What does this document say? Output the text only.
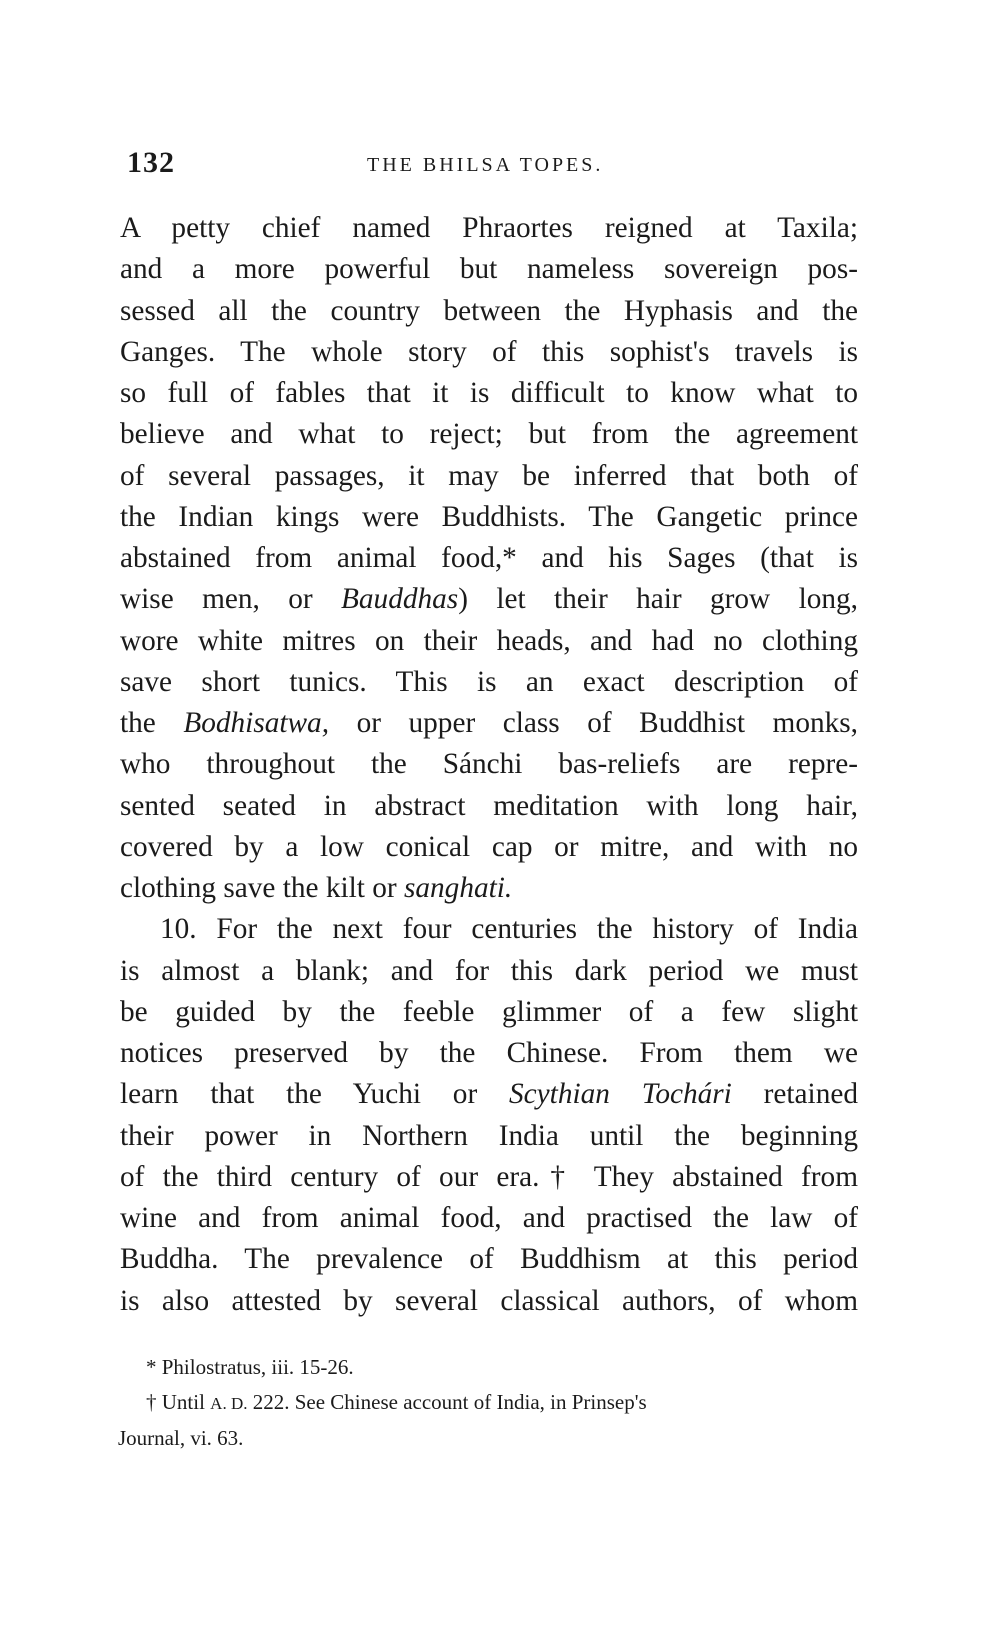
132	THE BHILSA TOPES.
A petty chief named Phraortes reigned at Taxila;
and a more powerful but nameless sovereign pos-
sessed all the country between the Hyphasis and the
Ganges. The whole story of this sophist's travels is
so full of fables that it is difficult to know what to
believe and what to reject; but from the agreement
of several passages, it may be inferred that both of
the Indian kings were Buddhists. The Gangetic prince
abstained from animal food,* and his Sages (that is
wise men, or Bauddhas) let their hair grow long,
wore white mitres on their heads, and had no clothing
save short tunics. This is an exact description of
the Bodhisatwa, or upper class of Buddhist monks,
who throughout the Sánchi bas-reliefs are repre-
sented seated in abstract meditation with long hair,
covered by a low conical cap or mitre, and with no
clothing save the kilt or sanghati.
10. For the next four centuries the history of India
is almost a blank; and for this dark period we must
be guided by the feeble glimmer of a few slight
notices preserved by the Chinese. From them we
learn that the Yuchi or Scythian Tochári retained
their power in Northern India until the beginning
of the third century of our era.† They abstained from
wine and from animal food, and practised the law of
Buddha. The prevalence of Buddhism at this period
is also attested by several classical authors, of whom
* Philostratus, iii. 15-26.
† Until A. D. 222. See Chinese account of India, in Prinsep's
Journal, vi. 63.
